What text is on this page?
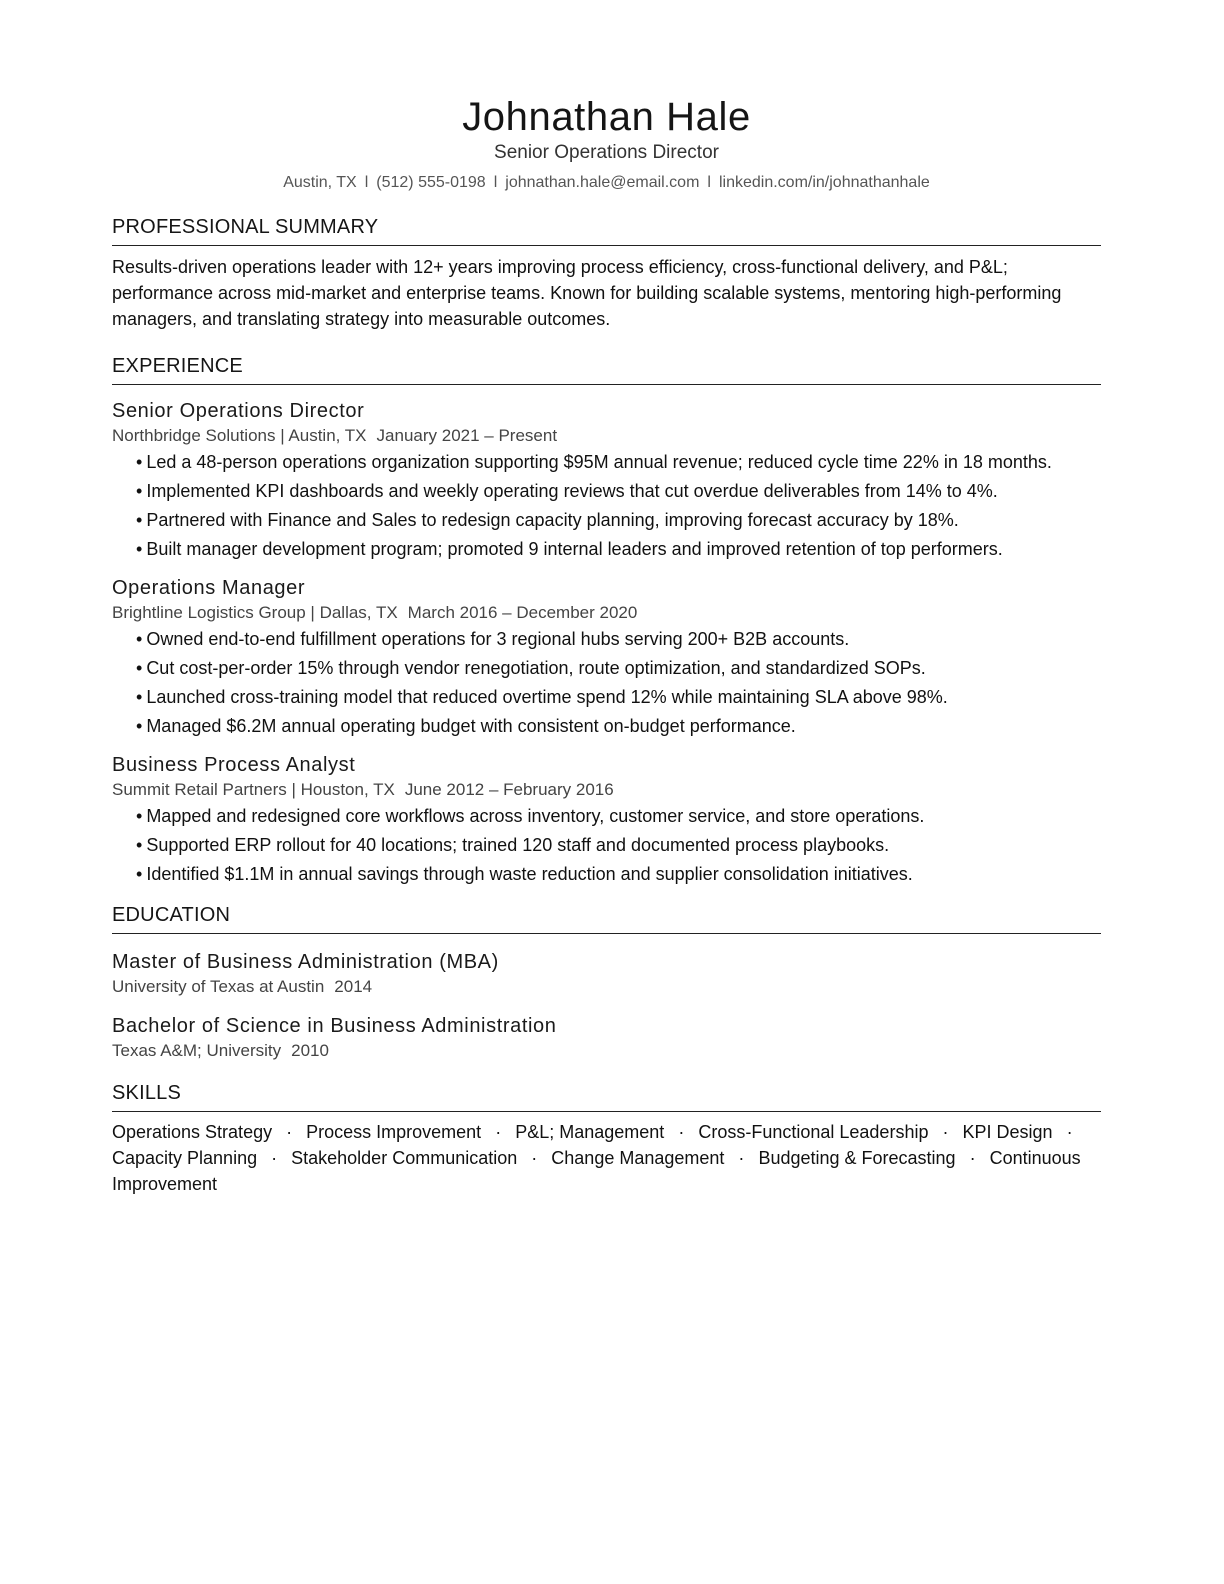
Johnathan Hale
Senior Operations Director
Austin, TX l (512) 555-0198 l johnathan.hale@email.com l linkedin.com/in/johnathanhale
PROFESSIONAL SUMMARY
Results-driven operations leader with 12+ years improving process efficiency, cross-functional delivery, and P&L; performance across mid-market and enterprise teams. Known for building scalable systems, mentoring high-performing managers, and translating strategy into measurable outcomes.
EXPERIENCE
Senior Operations Director
Northbridge Solutions | Austin, TX January 2021 – Present
• Led a 48-person operations organization supporting $95M annual revenue; reduced cycle time 22% in 18 months.
• Implemented KPI dashboards and weekly operating reviews that cut overdue deliverables from 14% to 4%.
• Partnered with Finance and Sales to redesign capacity planning, improving forecast accuracy by 18%.
• Built manager development program; promoted 9 internal leaders and improved retention of top performers.
Operations Manager
Brightline Logistics Group | Dallas, TX March 2016 – December 2020
• Owned end-to-end fulfillment operations for 3 regional hubs serving 200+ B2B accounts.
• Cut cost-per-order 15% through vendor renegotiation, route optimization, and standardized SOPs.
• Launched cross-training model that reduced overtime spend 12% while maintaining SLA above 98%.
• Managed $6.2M annual operating budget with consistent on-budget performance.
Business Process Analyst
Summit Retail Partners | Houston, TX June 2012 – February 2016
• Mapped and redesigned core workflows across inventory, customer service, and store operations.
• Supported ERP rollout for 40 locations; trained 120 staff and documented process playbooks.
• Identified $1.1M in annual savings through waste reduction and supplier consolidation initiatives.
EDUCATION
Master of Business Administration (MBA)
University of Texas at Austin 2014
Bachelor of Science in Business Administration
Texas A&M; University 2010
SKILLS
Operations Strategy · Process Improvement · P&L; Management · Cross-Functional Leadership · KPI Design · Capacity Planning · Stakeholder Communication · Change Management · Budgeting & Forecasting · Continuous Improvement
